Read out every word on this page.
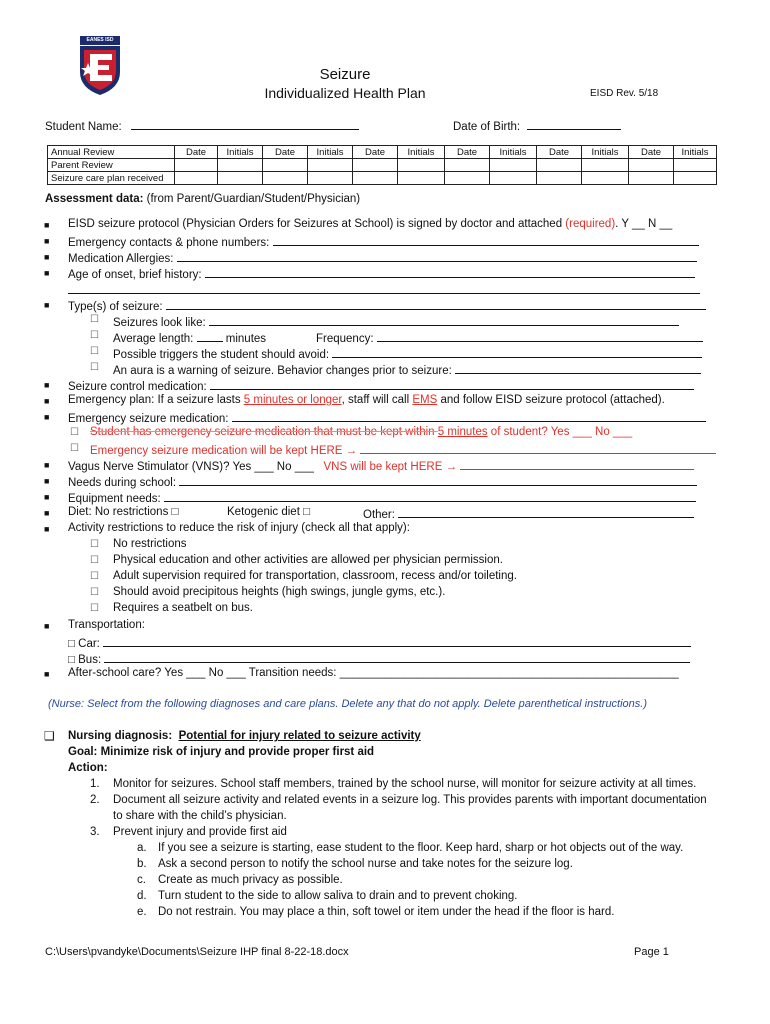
EANES ISD
Seizure
Individualized Health Plan	EISD Rev. 5/18
Student Name:	Date of Birth:
Annual Review	Date	Initials	Date	Initials	Date	Initials	Date	Initials	Date	Initials	Date	Initials
Parent Review												
Seizure care plan received												
Assessment data: (from Parent/Guardian/Student/Physician)
■ EISD seizure protocol (Physician Orders for Seizures at School) is signed by doctor and attached (required). Y __ N __
■ Emergency contacts & phone numbers:
■ Medication Allergies:
■ Age of onset, brief history:
■ Type(s) of seizure:
☐ Seizures look like:
☐ Average length:	minutes	Frequency:
☐ Possible triggers the student should avoid:
☐ An aura is a warning of seizure. Behavior changes prior to seizure:
■ Seizure control medication:
■ Emergency plan: If a seizure lasts 5 minutes or longer, staff will call EMS and follow EISD seizure protocol (attached).
■ Emergency seizure medication:
☐ Student has emergency seizure medication that must be kept within 5 minutes of student? Yes ___ No ___
☐ Emergency seizure medication will be kept HERE →
■ Vagus Nerve Stimulator (VNS)? Yes ___ No ___ VNS will be kept HERE →
■ Needs during school:
■ Equipment needs:
■ Diet: No restrictions □	Ketogenic diet □	Other:
■ Activity restrictions to reduce the risk of injury (check all that apply):
☐ No restrictions
☐ Physical education and other activities are allowed per physician permission.
☐ Adult supervision required for transportation, classroom, recess and/or toileting.
☐ Should avoid precipitous heights (high swings, jungle gyms, etc.).
☐ Requires a seatbelt on bus.
■ Transportation:
□ Car:
□ Bus:
■ After-school care? Yes ___ No ___ Transition needs: _____________________________________________________
(Nurse: Select from the following diagnoses and care plans. Delete any that do not apply. Delete parenthetical instructions.)
❑ Nursing diagnosis:  Potential for injury related to seizure activity
Goal: Minimize risk of injury and provide proper first aid
Action:
1. Monitor for seizures. School staff members, trained by the school nurse, will monitor for seizure activity at all times.
2. Document all seizure activity and related events in a seizure log. This provides parents with important documentation
to share with the child’s physician.
3. Prevent injury and provide first aid
a. If you see a seizure is starting, ease student to the floor. Keep hard, sharp or hot objects out of the way.
b. Ask a second person to notify the school nurse and take notes for the seizure log.
c. Create as much privacy as possible.
d. Turn student to the side to allow saliva to drain and to prevent choking.
e. Do not restrain. You may place a thin, soft towel or item under the head if the floor is hard.
C:\Users\pvandyke\Documents\Seizure IHP final 8-22-18.docx	Page 1
